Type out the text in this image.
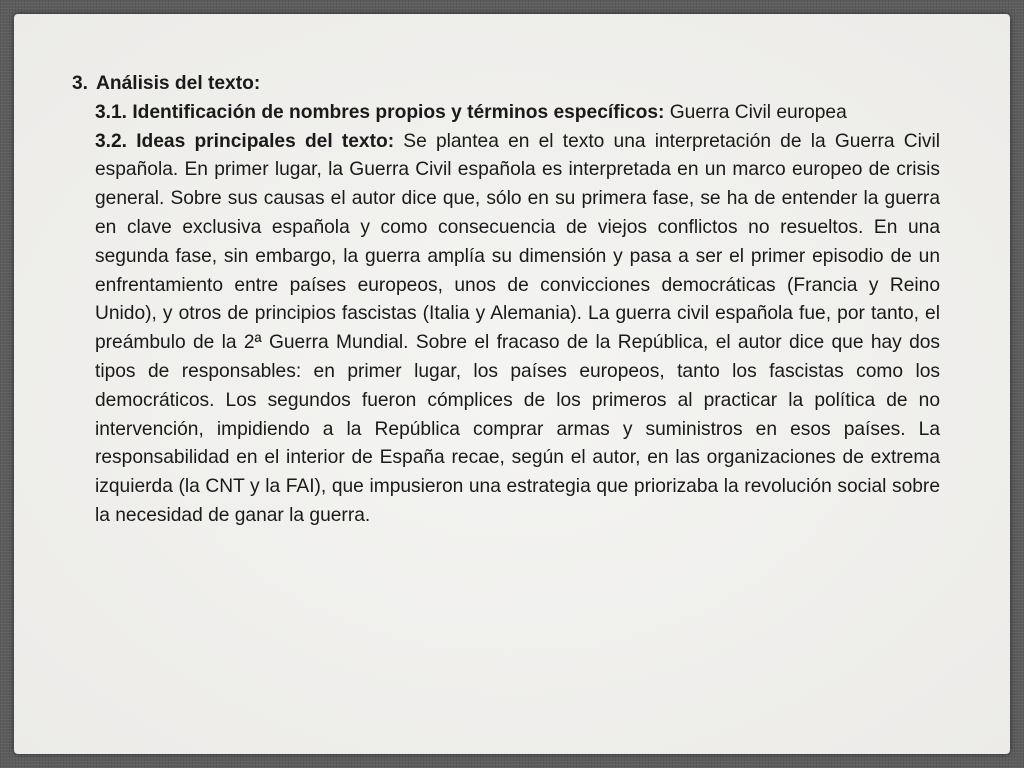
3. Análisis del texto:

3.1. Identificación de nombres propios y términos específicos: Guerra Civil europea

3.2. Ideas principales del texto: Se plantea en el texto una interpretación de la Guerra Civil española. En primer lugar, la Guerra Civil española es interpretada en un marco europeo de crisis general. Sobre sus causas el autor dice que, sólo en su primera fase, se ha de entender la guerra en clave exclusiva española y como consecuencia de viejos conflictos no resueltos. En una segunda fase, sin embargo, la guerra amplía su dimensión y pasa a ser el primer episodio de un enfrentamiento entre países europeos, unos de convicciones democráticas (Francia y Reino Unido), y otros de principios fascistas (Italia y Alemania). La guerra civil española fue, por tanto, el preámbulo de la 2ª Guerra Mundial. Sobre el fracaso de la República, el autor dice que hay dos tipos de responsables: en primer lugar, los países europeos, tanto los fascistas como los democráticos. Los segundos fueron cómplices de los primeros al practicar la política de no intervención, impidiendo a la República comprar armas y suministros en esos países. La responsabilidad en el interior de España recae, según el autor, en las organizaciones de extrema izquierda (la CNT y la FAI), que impusieron una estrategia que priorizaba la revolución social sobre la necesidad de ganar la guerra.
